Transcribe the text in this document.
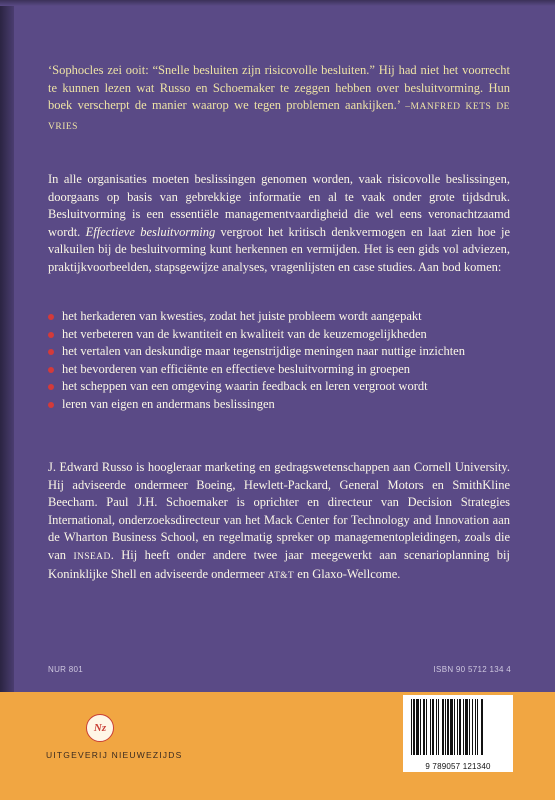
‘Sophocles zei ooit: “Snelle besluiten zijn risicovolle besluiten.” Hij had niet het voorrecht te kunnen lezen wat Russo en Schoemaker te zeggen hebben over besluitvorming. Hun boek verscherpt de manier waarop we tegen problemen aankijken.’ –MANFRED KETS DE VRIES

In alle organisaties moeten beslissingen genomen worden, vaak risicovolle beslissingen, doorgaans op basis van gebrekkige informatie en al te vaak onder grote tijdsdruk. Besluitvorming is een essentiële managementvaardigheid die wel eens veronachtzaamd wordt. Effectieve besluitvorming vergroot het kritisch denkvermogen en laat zien hoe je valkuilen bij de besluitvorming kunt herkennen en vermijden. Het is een gids vol adviezen, praktijkvoorbeelden, stapsgewijze analyses, vragenlijsten en case studies. Aan bod komen:

het herkaderen van kwesties, zodat het juiste probleem wordt aangepakt
het verbeteren van de kwantiteit en kwaliteit van de keuzemogelijkheden
het vertalen van deskundige maar tegenstrijdige meningen naar nuttige inzichten
het bevorderen van efficiënte en effectieve besluitvorming in groepen
het scheppen van een omgeving waarin feedback en leren vergroot wordt
leren van eigen en andermans beslissingen

J. Edward Russo is hoogleraar marketing en gedragswetenschappen aan Cornell University. Hij adviseerde ondermeer Boeing, Hewlett-Packard, General Motors en SmithKline Beecham. Paul J.H. Schoemaker is oprichter en directeur van Decision Strategies International, onderzoeksdirecteur van het Mack Center for Technology and Innovation aan de Wharton Business School, en regelmatig spreker op managementopleidingen, zoals die van INSEAD. Hij heeft onder andere twee jaar meegewerkt aan scenarioplanning bij Koninklijke Shell en adviseerde ondermeer AT&T en Glaxo-Wellcome.

NUR 801	ISBN 90 5712 134 4
Nz
UITGEVERIJ NIEUWEZIJDS
9 789057 121340
